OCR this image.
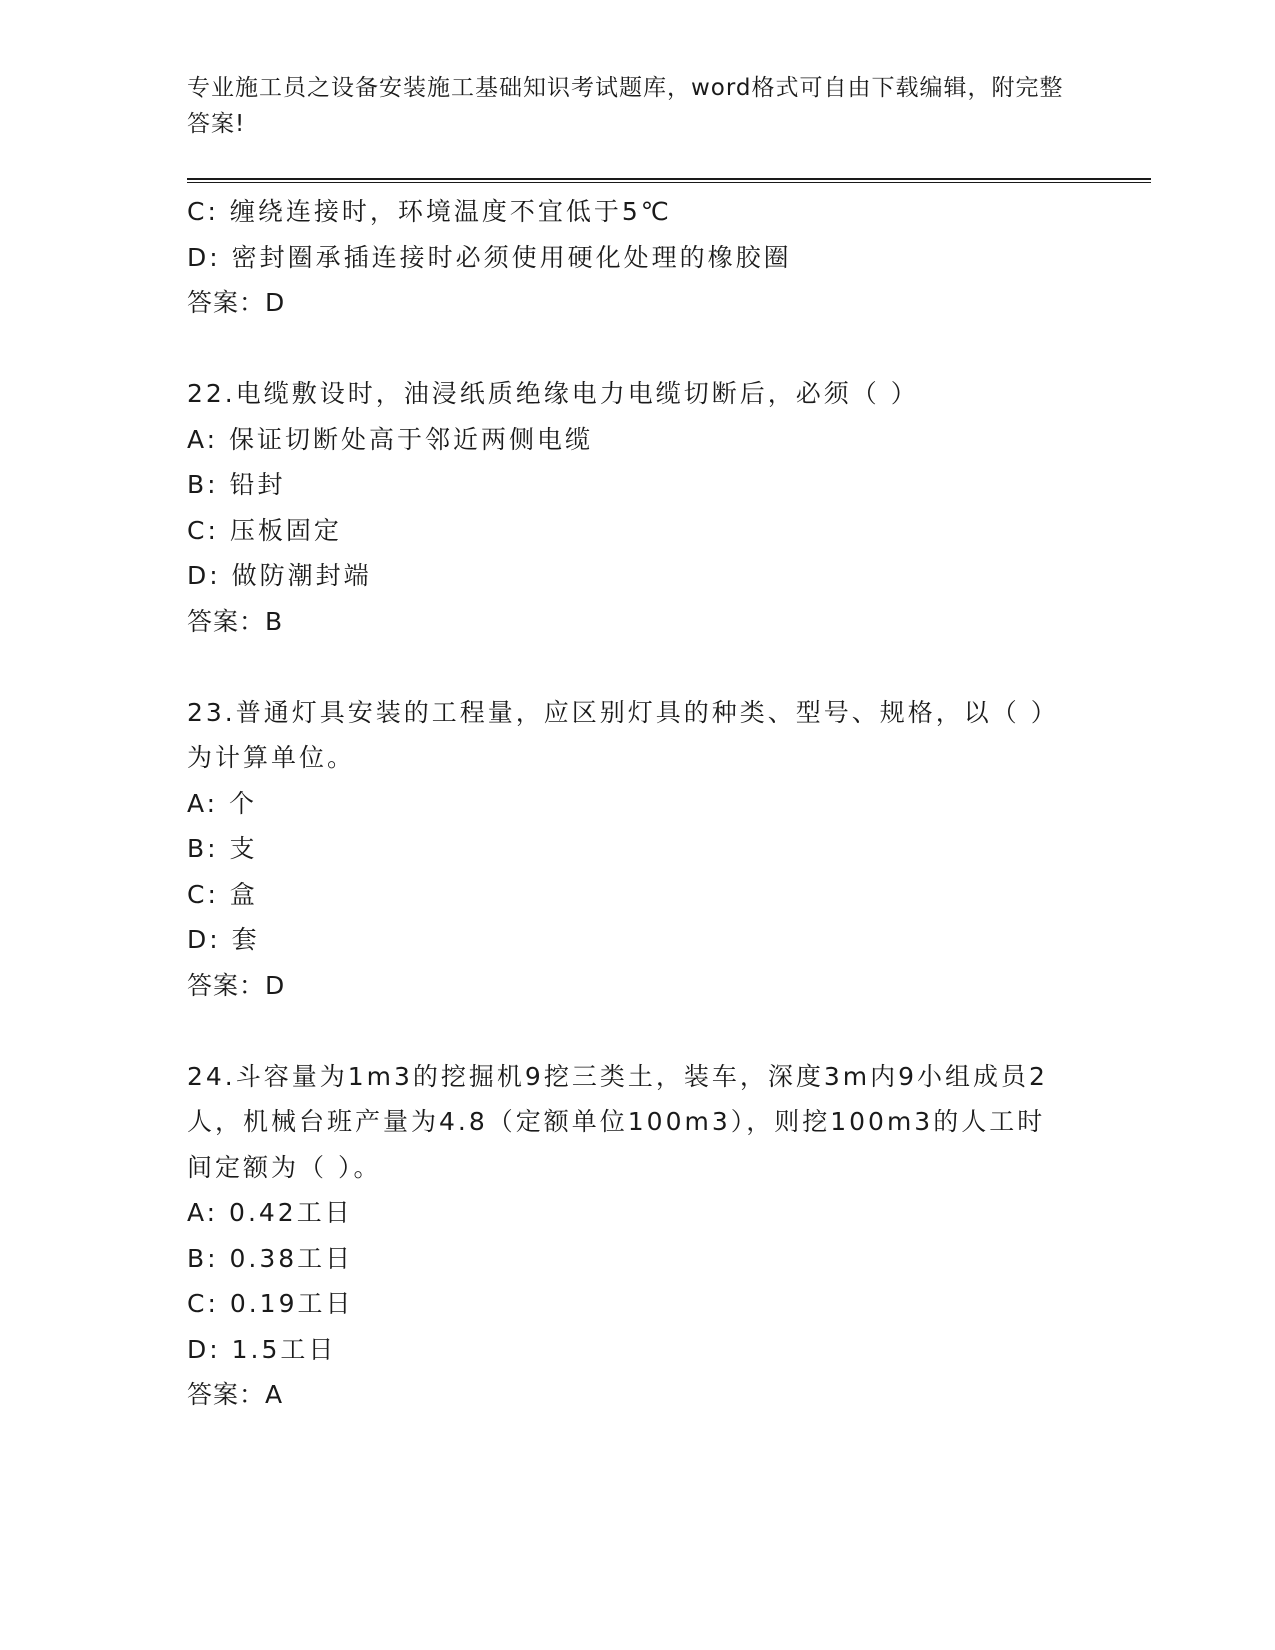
专业施工员之设备安装施工基础知识考试题库，word格式可自由下载编辑，附完整答案!
C: 缠绕连接时，环境温度不宜低于5℃
D: 密封圈承插连接时必须使用硬化处理的橡胶圈
答案：D
22.电缆敷设时，油浸纸质绝缘电力电缆切断后，必须（ ）
A: 保证切断处高于邻近两侧电缆
B: 铅封
C: 压板固定
D: 做防潮封端
答案：B
23.普通灯具安装的工程量，应区别灯具的种类、型号、规格，以（ ）为计算单位。
A: 个
B: 支
C: 盒
D: 套
答案：D
24.斗容量为1m3的挖掘机9挖三类土，装车，深度3m内9小组成员2人，机械台班产量为4.8（定额单位100m3），则挖100m3的人工时间定额为（ ）。
A: 0.42工日
B: 0.38工日
C: 0.19工日
D: 1.5工日
答案：A
